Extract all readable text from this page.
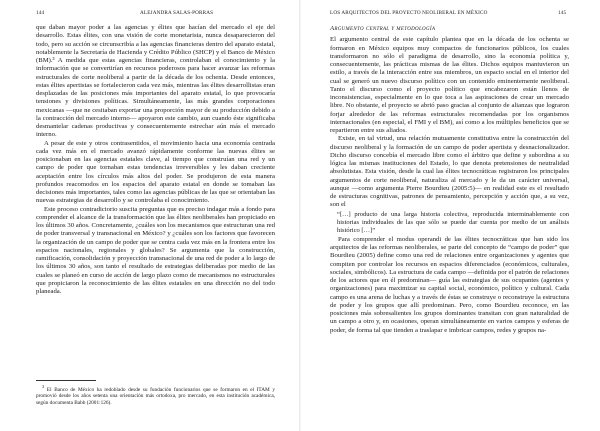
144	ALEJANDRA SALAS-PORRAS

que daban mayor poder a las agencias y élites que hacían del mercado el eje del desarrollo. Estas élites, con una visión de corte monetarista, nunca desaparecieron del todo, pero su acción se circunscribía a las agencias financieras dentro del aparato estatal, notablemente la Secretaría de Hacienda y Crédito Público (SHCP) y el Banco de México (BM).³ A medida que estas agencias financieras, controlaban el conocimiento y la información que se convertirían en recursos poderosos para hacer avanzar las reformas estructurales de corte neoliberal a partir de la década de los ochenta. Desde entonces, estas élites apertistas se fortalecieron cada vez más, mientras las élites desarrollistas eran desplazadas de las posiciones más importantes del aparato estatal, lo que provocaría tensiones y divisiones políticas. Simultáneamente, las más grandes corporaciones mexicanas —que ne cesitaban exportar una proporción mayor de su producción debido a la contracción del mercado interno— apoyaron este cambio, aun cuando éste significaba desmantelar cadenas productivas y consecuentemente estrechar aún más el mercado interno.

A pesar de este y otros contrasentidos, el movimiento hacia una economía centrada cada vez más en el mercado avanzó rápidamente conforme las nuevas élites se posicionaban en las agencias estatales clave, al tiempo que construían una red y un campo de poder que tornaban estas tendencias irreversibles y les daban creciente aceptación entre los círculos más altos del poder. Se produjeron de esta manera profundos reacomodos en los espacios del aparato estatal en donde se tomaban las decisiones más importantes, tales como las agencias públicas de las que se orientaban las nuevas estrategias de desarrollo y se controlaba el conocimiento.

Este proceso contradictorio suscita preguntas que es preciso indagar más a fondo para comprender el alcance de la transformación que las élites neoliberales han propiciado en los últimos 30 años. Concretamente, ¿cuáles son los mecanismos que estructuran una red de poder transversal y transnacional en México? y ¿cuáles son los factores que favorecen la organización de un campo de poder que se centra cada vez más en la frontera entre los espacios nacionales, regionales y globales? Se argumenta que la construcción, ramificación, consolidación y proyección transnacional de una red de poder a lo largo de los últimos 30 años, son tanto el resultado de estrategias deliberadas por medio de las cuales se planeó en curso de acción de largo plazo como de mecanismos no estructurales que propiciaron la reconocimiento de las élites estatales en una dirección no del todo planeada.

$^3$ El Banco de México ha redoblado desde su fundación funcionarios que se formaron en el ITAM y promovió desde los años setenta una orientación más ortodoxa, pro mercado, en esta institución académica, según documenta Babb (2001:126).

LOS ARQUITECTOS DEL PROYECTO NEOLIBERAL EN MÉXICO	145
Argumento central y metodología

El argumento central de este capítulo plantea que en la década de los ochenta se formaron en México equipos muy compactos de funcionarios públicos, los cuales transformaron no sólo el paradigma de desarrollo, sino la economía política y, consecuentemente, las prácticas mismas de las élites. Dichos equipos mantuvieron un estilo, a través de la interacción entre sus miembros, un espacio social en el interior del cual se generó un nuevo discurso político con un contenido eminentemente neoliberal. Tanto el discurso como el proyecto político que encabezaron están llenos de inconsistencias, especialmente en lo que toca a las aspiraciones de crear un mercado libre. No obstante, el proyecto se abrió paso gracias al conjunto de alianzas que lograron forjar alrededor de las reformas estructurales recomendadas por los organismos internacionales (en especial, el FMI y el BM), así como a los múltiples beneficios que se repartieron entre sus aliados.

Existe, en tal virtud, una relación mutuamente constitutiva entre la construcción del discurso neoliberal y la formación de un campo de poder apertista y desnacionalizador. Dicho discurso concebía el mercado libre como el árbitro que define y subordina a su lógica las mismas instituciones del Estado, lo que denota pretensiones de neutralidad absolutistas. Esta visión, desde la cual las élites tecnocráticas registraron los principales argumentos de corte neoliberal, naturaliza al mercado y le da un carácter universal, aunque —como argumenta Pierre Bourdieu (2005:5)— en realidad este es el resultado de estructuras cognitivas, patrones de pensamiento, percepción y acción que, a su vez, son el

“[…] producto de una larga historia colectiva, reproducida interminablemente con historias individuales de las que sólo se puede dar cuenta por medio de un análisis histórico […]”

Para comprender el modus operandi de las élites tecnocráticas que han sido los arquitectos de las reformas neoliberales, se parte del concepto de “campo de poder” que Bourdieu (2005) define como una red de relaciones entre organizaciones y agentes que compiten por controlar los recursos en espacios diferenciados (económicos, culturales, sociales, simbólicos). La estructura de cada campo —definida por el patrón de relaciones de los actores que en él predominan— guía las estrategias de sus ocupantes (agentes y organizaciones) para maximizar su capital social, económico, político y cultural. Cada campo es una arena de luchas y a través de éstas se construye o reconstruye la estructura de poder y los grupos que allí predominan. Pero, como Bourdieu reconoce, en las posiciones más sobresalientes los grupos dominantes transitan con gran naturalidad de un campo a otro y, en ocasiones, operan simultáneamente en varios campos y esferas de poder, de forma tal que tienden a traslapar e imbricar campos, redes y grupos na-
